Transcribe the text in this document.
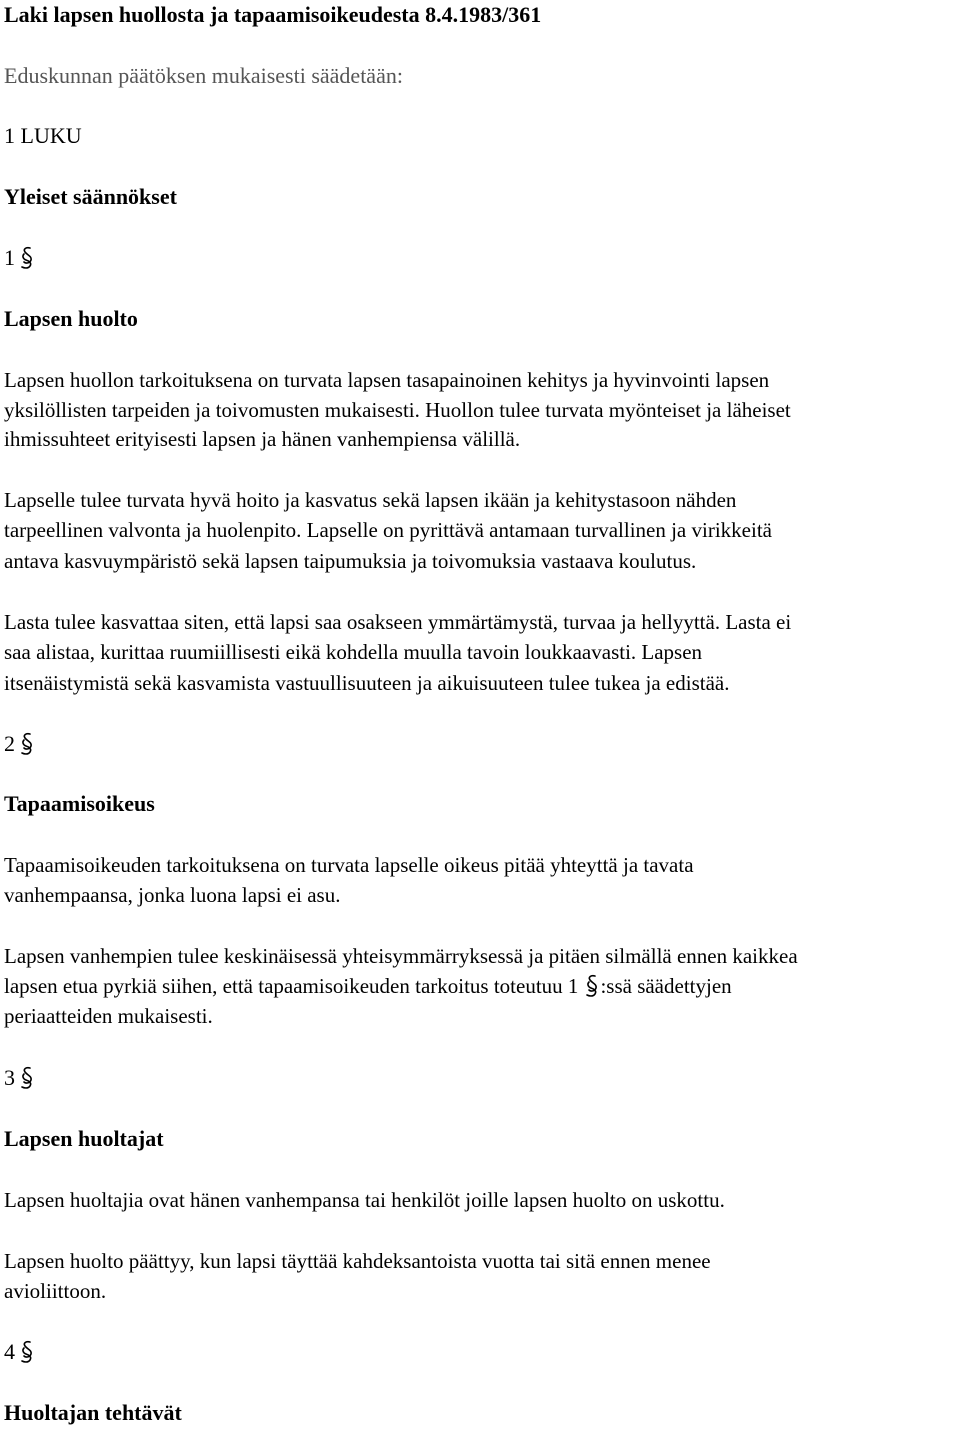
Laki lapsen huollosta ja tapaamisoikeudesta 8.4.1983/361
Eduskunnan päätöksen mukaisesti säädetään:
1 LUKU
Yleiset säännökset
1
Lapsen huolto
Lapsen huollon tarkoituksena on turvata lapsen tasapainoinen kehitys ja hyvinvointi lapsen
yksilöllisten tarpeiden ja toivomusten mukaisesti. Huollon tulee turvata myönteiset ja läheiset
ihmissuhteet erityisesti lapsen ja hänen vanhempiensa välillä.
Lapselle tulee turvata hyvä hoito ja kasvatus sekä lapsen ikään ja kehitystasoon nähden
tarpeellinen valvonta ja huolenpito. Lapselle on pyrittävä antamaan turvallinen ja virikkeitä
antava kasvuympäristö sekä lapsen taipumuksia ja toivomuksia vastaava koulutus.
Lasta tulee kasvattaa siten, että lapsi saa osakseen ymmärtämystä, turvaa ja hellyyttä. Lasta ei
saa alistaa, kurittaa ruumiillisesti eikä kohdella muulla tavoin loukkaavasti. Lapsen
itsenäistymistä sekä kasvamista vastuullisuuteen ja aikuisuuteen tulee tukea ja edistää.
2
Tapaamisoikeus
Tapaamisoikeuden tarkoituksena on turvata lapselle oikeus pitää yhteyttä ja tavata
vanhempaansa, jonka luona lapsi ei asu.
Lapsen vanhempien tulee keskinäisessä yhteisymmärryksessä ja pitäen silmällä ennen kaikkea
lapsen etua pyrkiä siihen, että tapaamisoikeuden tarkoitus toteutuu 1 :ssä säädettyjen
periaatteiden mukaisesti.
3
Lapsen huoltajat
Lapsen huoltajia ovat hänen vanhempansa tai henkilöt joille lapsen huolto on uskottu.
Lapsen huolto päättyy, kun lapsi täyttää kahdeksantoista vuotta tai sitä ennen menee
avioliittoon.
4
Huoltajan tehtävät
